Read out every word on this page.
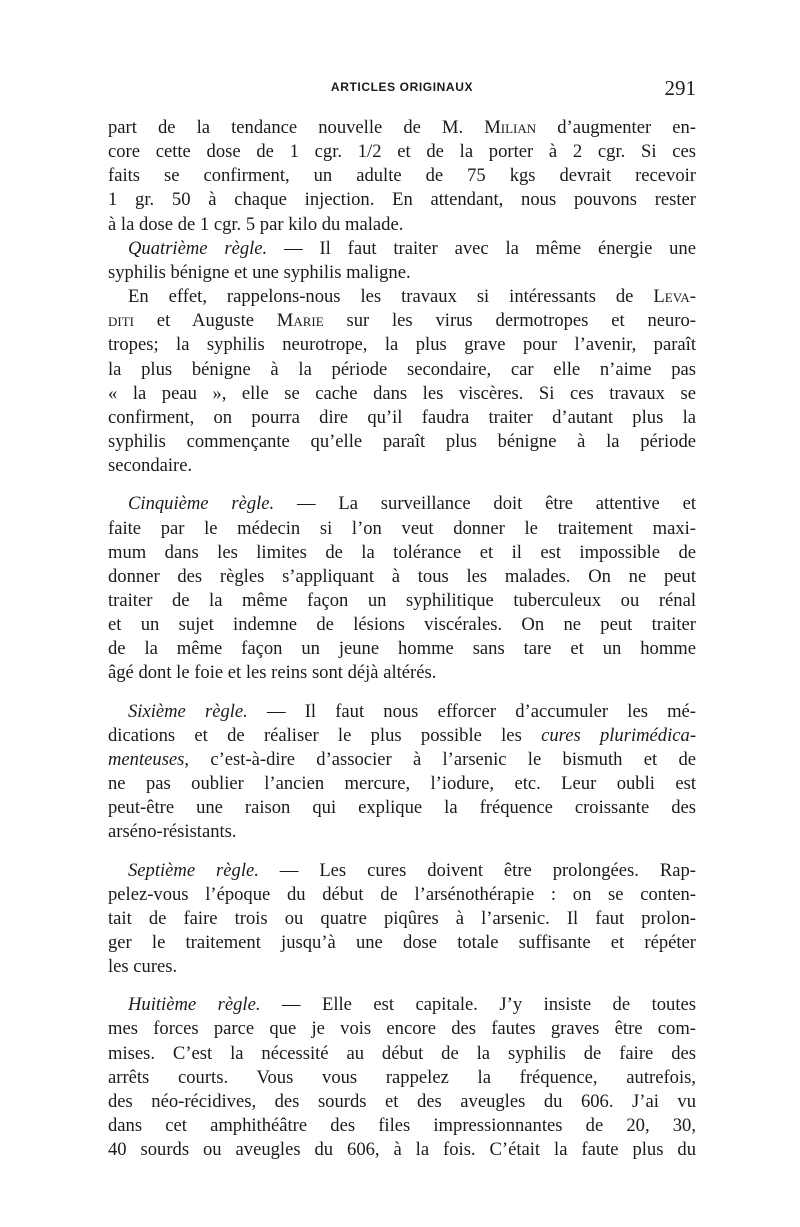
ARTICLES ORIGINAUX	291

part de la tendance nouvelle de M. Milian d’augmenter en-
core cette dose de 1 cgr. 1/2 et de la porter à 2 cgr. Si ces
faits se confirment, un adulte de 75 kgs devrait recevoir
1 gr. 50 à chaque injection. En attendant, nous pouvons rester
à la dose de 1 cgr. 5 par kilo du malade.

Quatrième règle. — Il faut traiter avec la même énergie une
syphilis bénigne et une syphilis maligne.
En effet, rappelons-nous les travaux si intéressants de Leva-
diti et Auguste Marie sur les virus dermotropes et neuro-
tropes; la syphilis neurotrope, la plus grave pour l’avenir, paraît
la plus bénigne à la période secondaire, car elle n’aime pas
« la peau », elle se cache dans les viscères. Si ces travaux se
confirment, on pourra dire qu’il faudra traiter d’autant plus la
syphilis commençante qu’elle paraît plus bénigne à la période
secondaire.

Cinquième règle. — La surveillance doit être attentive et
faite par le médecin si l’on veut donner le traitement maxi-
mum dans les limites de la tolérance et il est impossible de
donner des règles s’appliquant à tous les malades. On ne peut
traiter de la même façon un syphilitique tuberculeux ou rénal
et un sujet indemne de lésions viscérales. On ne peut traiter
de la même façon un jeune homme sans tare et un homme
âgé dont le foie et les reins sont déjà altérés.

Sixième règle. — Il faut nous efforcer d’accumuler les mé-
dications et de réaliser le plus possible les cures plurimédica-
menteuses, c’est-à-dire d’associer à l’arsenic le bismuth et de
ne pas oublier l’ancien mercure, l’iodure, etc. Leur oubli est
peut-être une raison qui explique la fréquence croissante des
arséno-résistants.

Septième règle. — Les cures doivent être prolongées. Rap-
pelez-vous l’époque du début de l’arsénothérapie : on se conten-
tait de faire trois ou quatre piqûres à l’arsenic. Il faut prolon-
ger le traitement jusqu’à une dose totale suffisante et répéter
les cures.

Huitième règle. — Elle est capitale. J’y insiste de toutes
mes forces parce que je vois encore des fautes graves être com-
mises. C’est la nécessité au début de la syphilis de faire des
arrêts courts. Vous vous rappelez la fréquence, autrefois,
des néo-récidives, des sourds et des aveugles du 606. J’ai vu
dans cet amphithéâtre des files impressionnantes de 20, 30,
40 sourds ou aveugles du 606, à la fois. C’était la faute plus du
